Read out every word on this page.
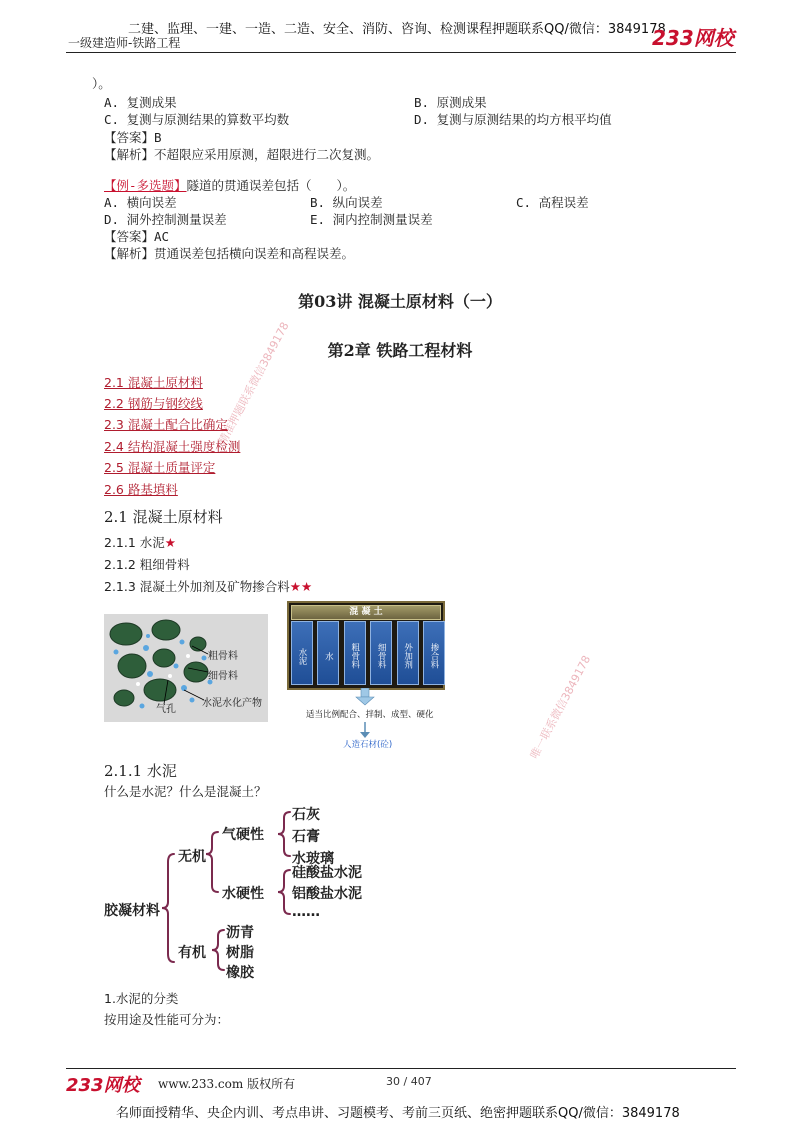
二建、监理、一建、一造、二造、安全、消防、咨询、检测课程押题联系QQ/微信：3849178
一级建造师-铁路工程	233网校
）。
A. 复测成果	B. 原测成果
C. 复测与原测结果的算数平均数	D. 复测与原测结果的均方根平均值
【答案】B
【解析】不超限应采用原测，超限进行二次复测。
【例-多选题】隧道的贯通误差包括（　　）。
A. 横向误差	B. 纵向误差	C. 高程误差
D. 洞外控制测量误差	E. 洞内控制测量误差
【答案】AC
【解析】贯通误差包括横向误差和高程误差。
第03讲 混凝土原材料（一）
第2章 铁路工程材料
2.1 混凝土原材料
2.2 钢筋与钢绞线
2.3 混凝土配合比确定
2.4 结构混凝土强度检测
2.5 混凝土质量评定
2.6 路基填料
2.1 混凝土原材料
2.1.1 水泥★
2.1.2 粗细骨料
2.1.3 混凝土外加剂及矿物掺合料★★
粗骨料
细骨料
水泥水化产物
气孔
混 凝 土
水泥	水	粗骨料	细骨料	外加剂	掺合料
适当比例配合、拌制、成型、硬化
人造石材(砼)
精准押题联系微信3849178
唯一联系微信3849178
2.1.1 水泥
什么是水泥？什么是混凝土？
胶凝材料
无机
气硬性
石灰
石膏
水玻璃
水硬性
硅酸盐水泥
铝酸盐水泥
……
有机
沥青
树脂
橡胶
1.水泥的分类
按用途及性能可分为：
233网校 www.233.com 版权所有	30 / 407
名师面授精华、央企内训、考点串讲、习题模考、考前三页纸、绝密押题联系QQ/微信：3849178
